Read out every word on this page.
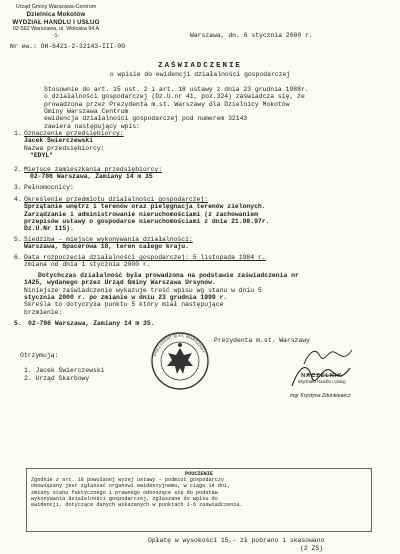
Urząd Gminy Warszawa-Centrum
Dzielnica Mokotów
WYDZIAŁ HANDLU I USŁUG
02-562 Warszawa, ul. Wołoska 94 A
-1-	Warszawa, dn. 6 stycznia 2000 r.
Nr ew.: OH-6421-2-32143-III-00
ZAŚWIADCZENIE
o wpisie do ewidencji działalności gospodarczej
Stosownie do art. 15 ust. 2 i art. 18 ustawy z dnia 23 grudnia 1988r.
o działalności gospodarczej (Dz.U.nr 41, poz.324) zaświadcza się, że
prowadzona przez Prezydenta m.st. Warszawy dla Dzielnicy Mokotów
Gminy Warszawa Centrum
ewidencja działalności gospodarczej pod numerem 32143
zawiera następujący wpis:
1. Oznaczenie przedsiębiorcy:
Jacek Świerczewski
Nazwa przedsiębiorcy:
"EDYL"
2. Miejsce zamieszkania przedsiębiorcy:
02-786 Warszawa, Zamiany 14 m 35
3. Pełnomocnicy:
4. Określenie przedmiotu działalności gospodarczej:
Sprzątanie wnętrz i terenów oraz pielęgnacja terenów zielonych.
Zarządzanie i administrowanie nieruchomościami (z zachowaniem
przepisów ustawy o gospodarce nieruchomościami z dnia 21.08.97r.
Dz.U.Nr 115).
5. Siedziba - miejsce wykonywania działalności:
Warszawa, Spacerowa 18, teren całego kraju.
6. Data rozpoczęcia działalności gospodarczej: 5 listopada 1984 r.
zmiana od dnia 1 stycznia 2000 r.
Dotychczas działalność była prowadzona na podstawie zaświadczenia nr
1425, wydanego przez Urząd Gminy Warszawa Ursynów.
Niniejsze zaświadczenie wykazuje treść wpisu wg stanu w dniu 5
stycznia 2000 r. po zmianie w dniu 23 grudnia 1999 r.
Skreśla to dotyczyła punktu 5 który miał następujące
brzmienie:
5. 02-786 Warszawa, Zamiany 14 m 35.
Prezydenta m.st. Warszawy
Otrzymują:
1. Jacek Świerczewski
2. Urząd Skarbowy
PREZYDENT M.ST. WARSZAWY
NACZELNIK
Wydziału Handlu i Usług
mgr Krystyna Zdunkiewicz
POUCZENIE
Zgodnie z art. 18 powołanej wyżej ustawy - podmiot gospodarczy
obowiązany jest zgłaszać organowi ewidencyjnemu, w ciągu 14 dni,
zmiany stanu faktycznego i prawnego odnoszące się do podstaw
wykonywania działalności gospodarczej, zgłaszane do wpisu do
ewidencji, dotyczące danych wskazanych w punktach 1-6 zaświadczenia.
Opłatę w wysokości 15,- zł pobrano i skasowano
(2 ZS)
